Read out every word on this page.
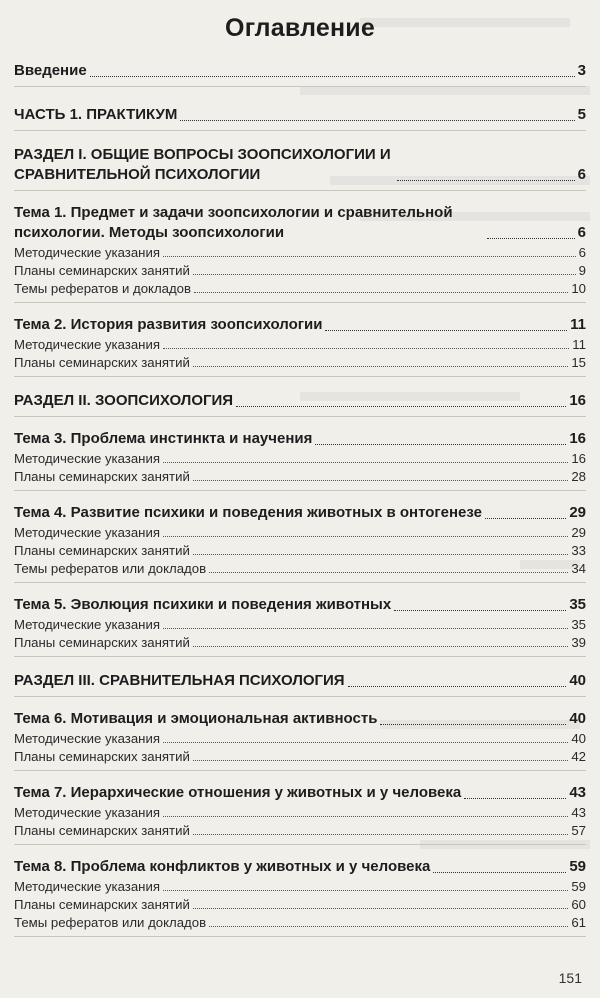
Оглавление
Введение	3
ЧАСТЬ 1. ПРАКТИКУМ	5
РАЗДЕЛ I. ОБЩИЕ ВОПРОСЫ ЗООПСИХОЛОГИИ И СРАВНИТЕЛЬНОЙ ПСИХОЛОГИИ	6
Тема 1. Предмет и задачи зоопсихологии и сравнительной психологии. Методы зоопсихологии	6
Методические указания	6
Планы семинарских занятий	9
Темы рефератов и докладов	10
Тема 2. История развития зоопсихологии	11
Методические указания	11
Планы семинарских занятий	15
РАЗДЕЛ II. ЗООПСИХОЛОГИЯ	16
Тема 3. Проблема инстинкта и научения	16
Методические указания	16
Планы семинарских занятий	28
Тема 4. Развитие психики и поведения животных в онтогенезе	29
Методические указания	29
Планы семинарских занятий	33
Темы рефератов или докладов	34
Тема 5. Эволюция психики и поведения животных	35
Методические указания	35
Планы семинарских занятий	39
РАЗДЕЛ III. СРАВНИТЕЛЬНАЯ ПСИХОЛОГИЯ	40
Тема 6. Мотивация и эмоциональная активность	40
Методические указания	40
Планы семинарских занятий	42
Тема 7. Иерархические отношения у животных и у человека	43
Методические указания	43
Планы семинарских занятий	57
Тема 8. Проблема конфликтов у животных и у человека	59
Методические указания	59
Планы семинарских занятий	60
Темы рефератов или докладов	61
151
